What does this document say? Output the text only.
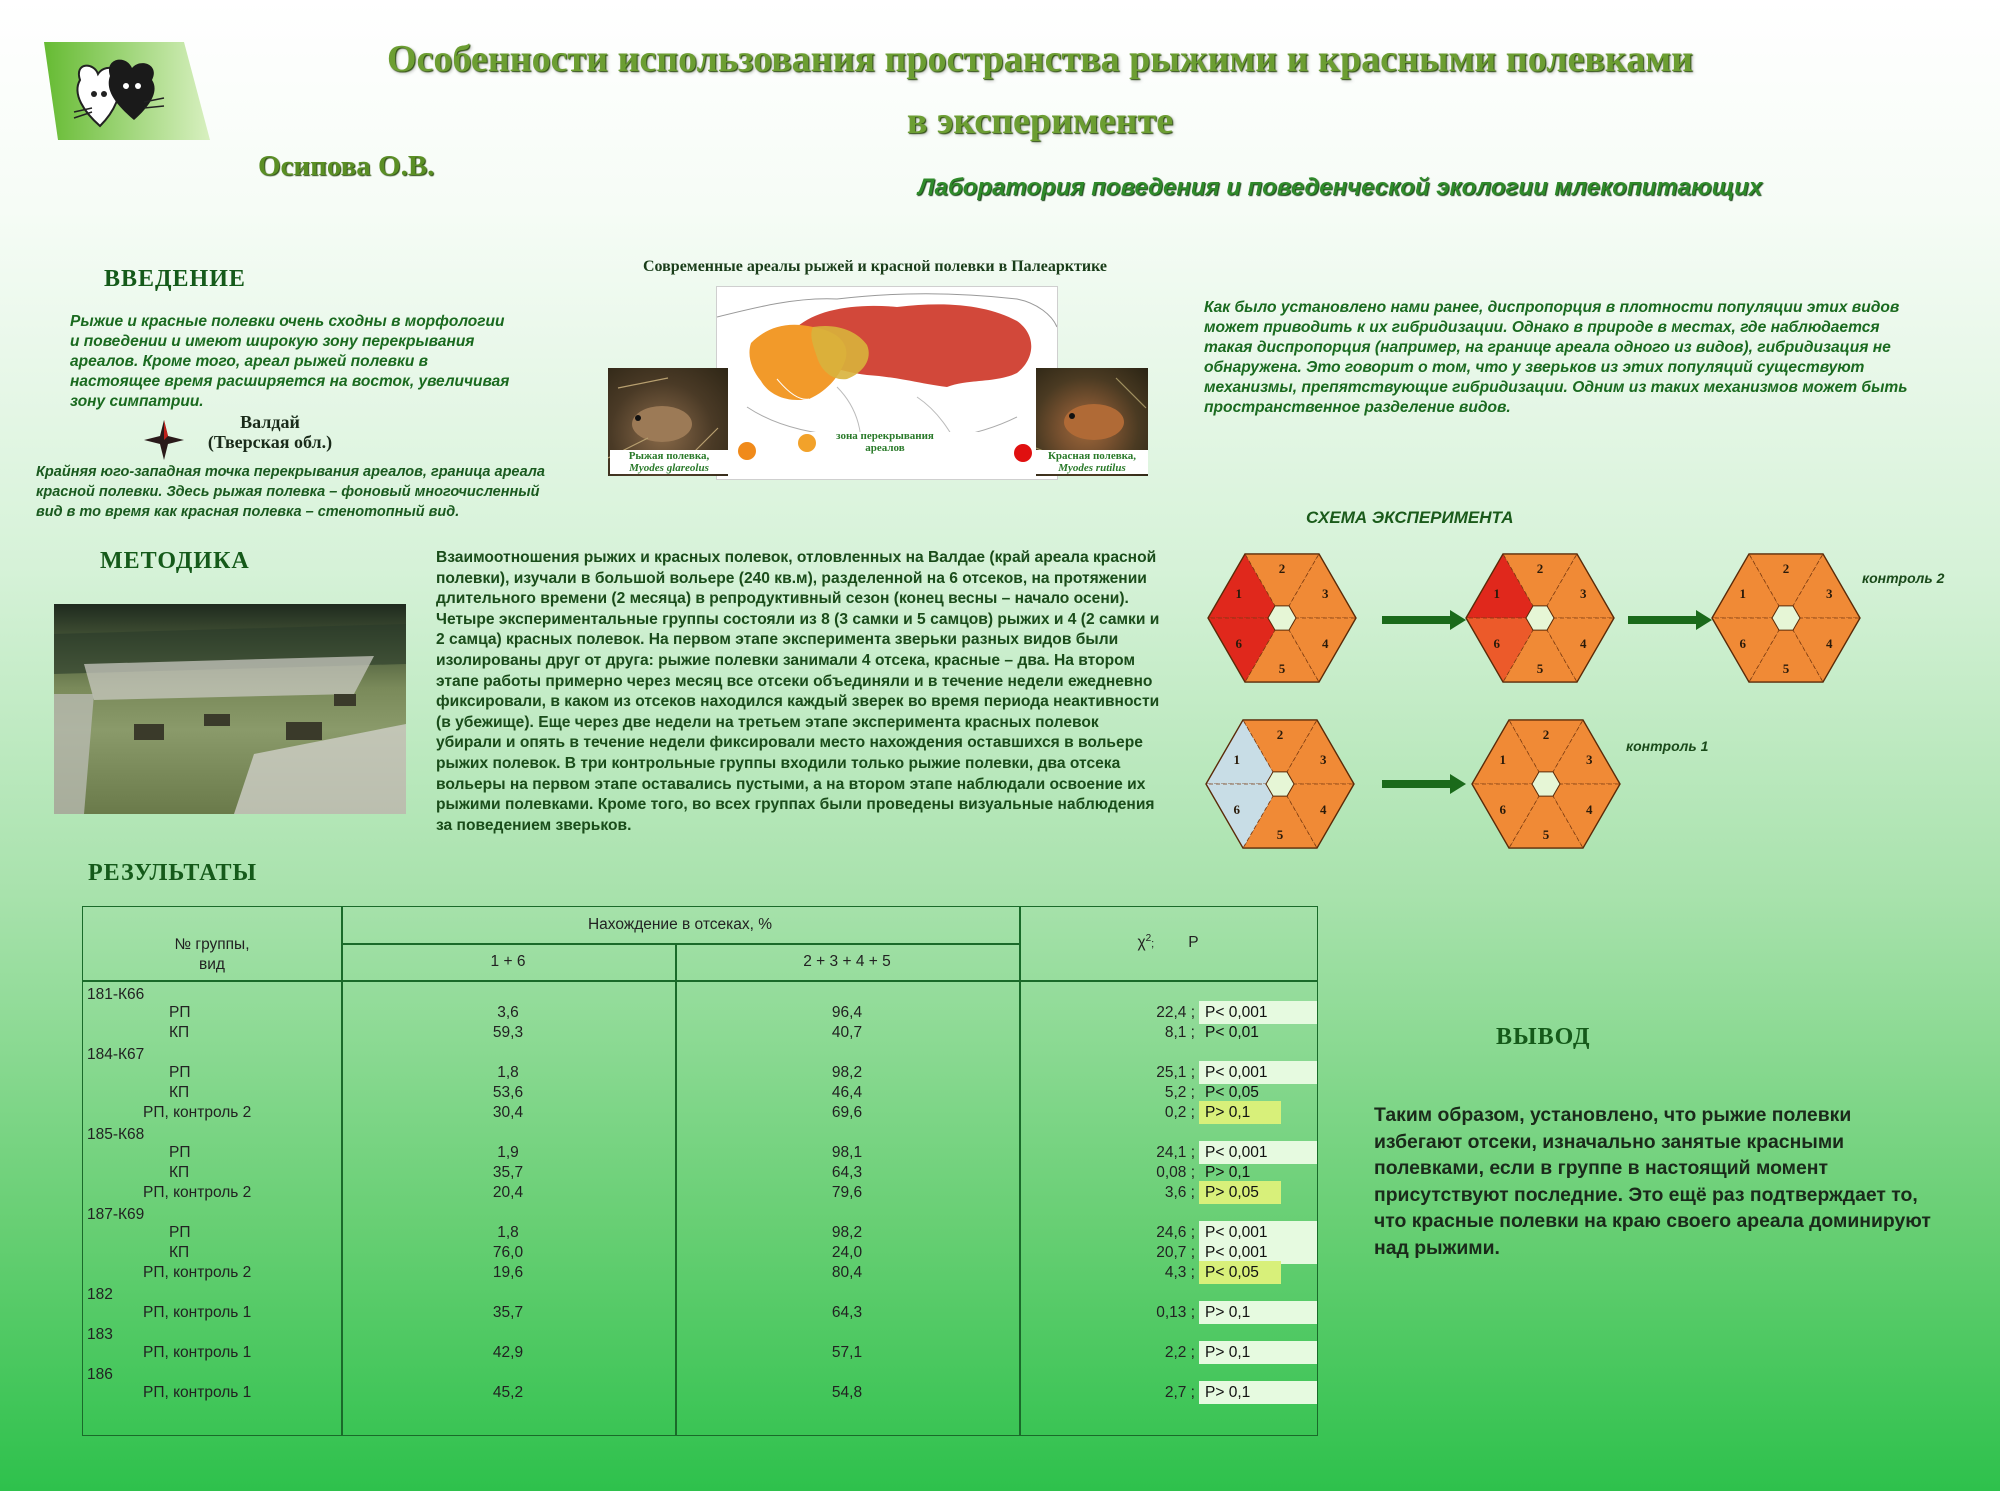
Особенности использования пространства рыжими и красными полевками
в эксперименте
Осипова О.В.
Лаборатория поведения и поведенческой экологии млекопитающих
ВВЕДЕНИЕ
Рыжие и красные полевки очень сходны в морфологии и поведении и имеют широкую зону перекрывания ареалов. Кроме того, ареал рыжей полевки в настоящее время расширяется на восток, увеличивая зону симпатрии.
Валдай
(Тверская обл.)
Крайняя юго-западная точка перекрывания ареалов, граница ареала красной полевки. Здесь рыжая полевка – фоновый многочисленный вид в то время как красная полевка – стенотопный вид.
Современные ареалы рыжей и красной полевки в Палеарктике
Рыжая полевка,
Myodes glareolus
Красная полевка,
Myodes rutilus
зона перекрывания ареалов
Как было установлено нами ранее, диспропорция в плотности популяции этих видов может приводить к их гибридизации. Однако в природе в местах, где наблюдается такая диспропорция (например, на границе ареала одного из видов), гибридизация не обнаружена. Это говорит о том, что у зверьков из этих популяций существуют механизмы, препятствующие гибридизации. Одним из таких механизмов может быть пространственное разделение видов.
МЕТОДИКА	Взаимоотношения рыжих и красных полевок, отловленных на Валдае (край ареала красной полевки), изучали в большой вольере (240 кв.м), разделенной на 6 отсеков, на протяжении длительного времени (2 месяца) в репродуктивный сезон (конец весны – начало осени). Четыре экспериментальные группы состояли из 8 (3 самки и 5 самцов) рыжих и 4 (2 самки и 2 самца) красных полевок. На первом этапе эксперимента зверьки разных видов были изолированы друг от друга: рыжие полевки занимали 4 отсека, красные – два. На втором этапе работы примерно через месяц все отсеки объединяли и в течение недели ежедневно фиксировали, в каком из отсеков находился каждый зверек во время периода неактивности (в убежище). Еще через две недели на третьем этапе эксперимента красных полевок убирали и опять в течение недели фиксировали место нахождения оставшихся в вольере рыжих полевок. В три контрольные группы входили только рыжие полевки, два отсека вольеры на первом этапе оставались пустыми, а на втором этапе наблюдали освоение их рыжими полевками. Кроме того, во всех группах были проведены визуальные наблюдения за поведением зверьков.
СХЕМА ЭКСПЕРИМЕНТА
1
2
3
4
5
6
1
2
3
4
5
6
1
2
3
4
5
6
1
2
3
4
5
6
1
2
3
4
5
6
контроль 2
контроль 1
РЕЗУЛЬТАТЫ
№ группы,
вид
Нахождение в отсеках, %
1 + 6	2 + 3 + 4 + 5
$\chi^2$; P
181-К66
РП	3,6	96,4	22,4 ; P< 0,001
КП	59,3	40,7	8,1 ; P< 0,01
184-К67
РП	1,8	98,2	25,1 ; P< 0,001
КП	53,6	46,4	5,2 ; P< 0,05
РП, контроль 2	30,4	69,6	0,2 ; P> 0,1
185-К68
РП	1,9	98,1	24,1 ; P< 0,001
КП	35,7	64,3	0,08 ; P> 0,1
РП, контроль 2	20,4	79,6	3,6 ; P> 0,05
187-К69
РП	1,8	98,2	24,6 ; P< 0,001
КП	76,0	24,0	20,7 ; P< 0,001
РП, контроль 2	19,6	80,4	4,3 ; P< 0,05
182
РП, контроль 1	35,7	64,3	0,13 ; P> 0,1
183
РП, контроль 1	42,9	57,1	2,2 ; P> 0,1
186
РП, контроль 1	45,2	54,8	2,7 ; P> 0,1
ВЫВОД
Таким образом, установлено, что рыжие полевки избегают отсеки, изначально занятые красными полевками, если в группе в настоящий момент присутствуют последние. Это ещё раз подтверждает то, что красные полевки на краю своего ареала доминируют над рыжими.
